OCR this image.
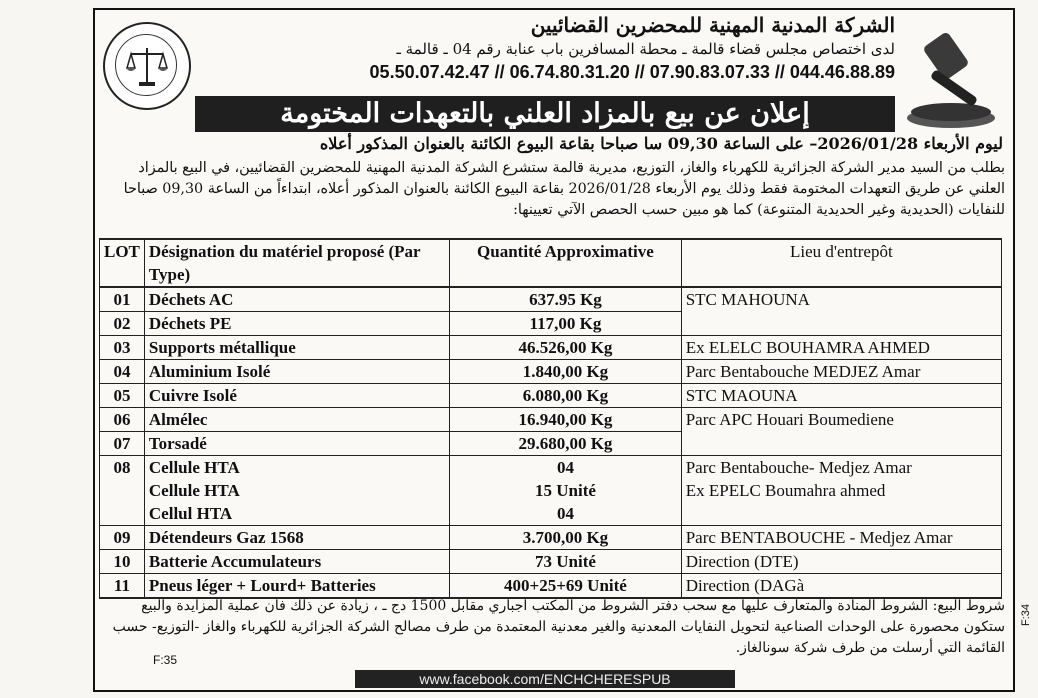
الشركة المدنية المهنية للمحضرين القضائيين
لدى اختصاص مجلس قضاء قالمة ـ محطة المسافرين باب عنابة رقم 04 ـ قالمة ـ
05.50.07.42.47 // 06.74.80.31.20 // 07.90.83.07.33 // 044.46.88.89
إعلان عن بيع بالمزاد العلني بالتعهدات المختومة
ليوم الأربعاء 2026/01/28– على الساعة 09,30 سا صباحا بقاعة البيوع الكائنة بالعنوان المذكور أعلاه
بطلب من السيد مدير الشركة الجزائرية للكهرباء والغاز، التوزيع، مديرية قالمة ستشرع الشركة المدنية المهنية للمحضرين القضائيين، في البيع بالمزاد العلني عن طريق التعهدات المختومة فقط وذلك يوم الأربعاء 2026/01/28 بقاعة البيوع الكائنة بالعنوان المذكور أعلاه، ابتداءاً من الساعة 09,30 صباحا للنفايات (الحديدية وغير الحديدية المتنوعة) كما هو مبين حسب الحصص الآتي تعيينها:
LOT	Désignation du matériel proposé (Par Type)	Quantité Approximative	Lieu d'entrepôt
01	Déchets AC	637.95 Kg	STC MAHOUNA
02	Déchets PE	117,00 Kg	
03	Supports métallique	46.526,00 Kg	Ex ELELC BOUHAMRA AHMED
04	Aluminium Isolé	1.840,00 Kg	Parc Bentabouche MEDJEZ Amar
05	Cuivre Isolé	6.080,00 Kg	STC MAOUNA
06	Almélec	16.940,00 Kg	Parc APC Houari Boumediene
07	Torsadé	29.680,00 Kg	
08	Cellule HTA	04	Parc Bentabouche- Medjez Amar
	Cellule HTA	15 Unité	Ex EPELC Boumahra ahmed
	Cellul HTA	04	
09	Détendeurs Gaz 1568	3.700,00 Kg	Parc BENTABOUCHE - Medjez Amar
10	Batterie Accumulateurs	73 Unité	Direction (DTE)
11	Pneus léger + Lourd+ Batteries	400+25+69 Unité	Direction (DAGà
شروط البيع: الشروط المنادة والمتعارف عليها مع سحب دفتر الشروط من المكتب اجباري مقابل 1500 دج ـ ، زيادة عن ذلك فان عملية المزايدة والبيع ستكون محصورة على الوحدات الصناعية لتحويل النفايات المعدنية والغير معدنية المعتمدة من طرف مصالح الشركة الجزائرية للكهرباء والغاز -التوزيع- حسب القائمة التي أرسلت من طرف شركة سونالغاز.
F:35
www.facebook.com/ENCHCHERESPUB
F:34
